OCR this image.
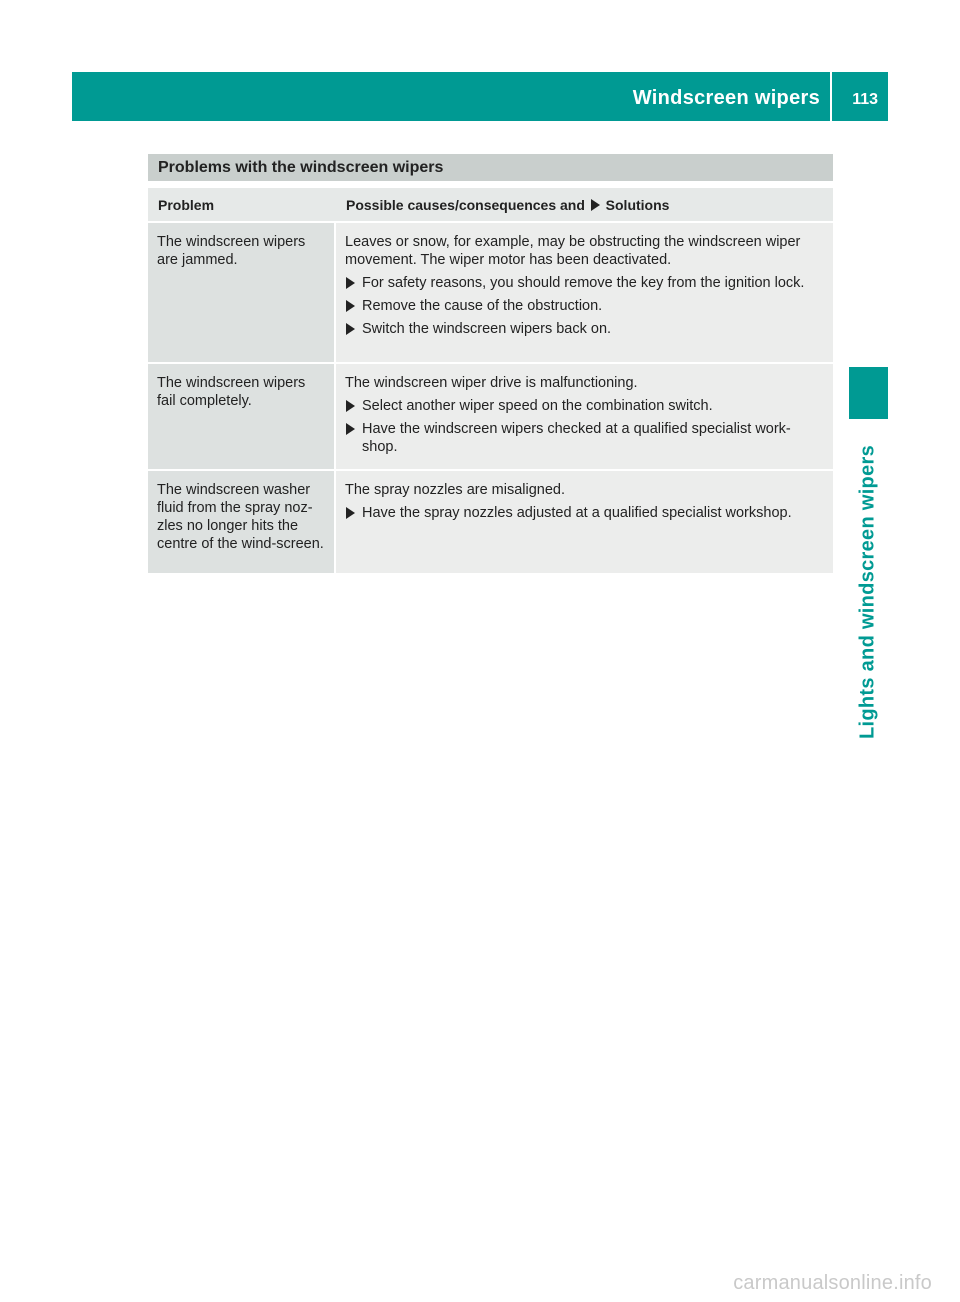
Windscreen wipers 113
Lights and windscreen wipers
Problems with the windscreen wipers
Problem	Possible causes/consequences and Solutions
The windscreen wipers are jammed.	Leaves or snow, for example, may be obstructing the windscreen wiper movement. The wiper motor has been deactivated.

For safety reasons, you should remove the key from the ignition lock.

Remove the cause of the obstruction.

Switch the windscreen wipers back on.

The windscreen wipers fail completely.	The windscreen wiper drive is malfunctioning.

Select another wiper speed on the combination switch.

Have the windscreen wipers checked at a qualified specialist work-shop.

The windscreen washer fluid from the spray noz-zles no longer hits the centre of the wind-screen.	The spray nozzles are misaligned.

Have the spray nozzles adjusted at a qualified specialist workshop.

carmanualsonline.info
